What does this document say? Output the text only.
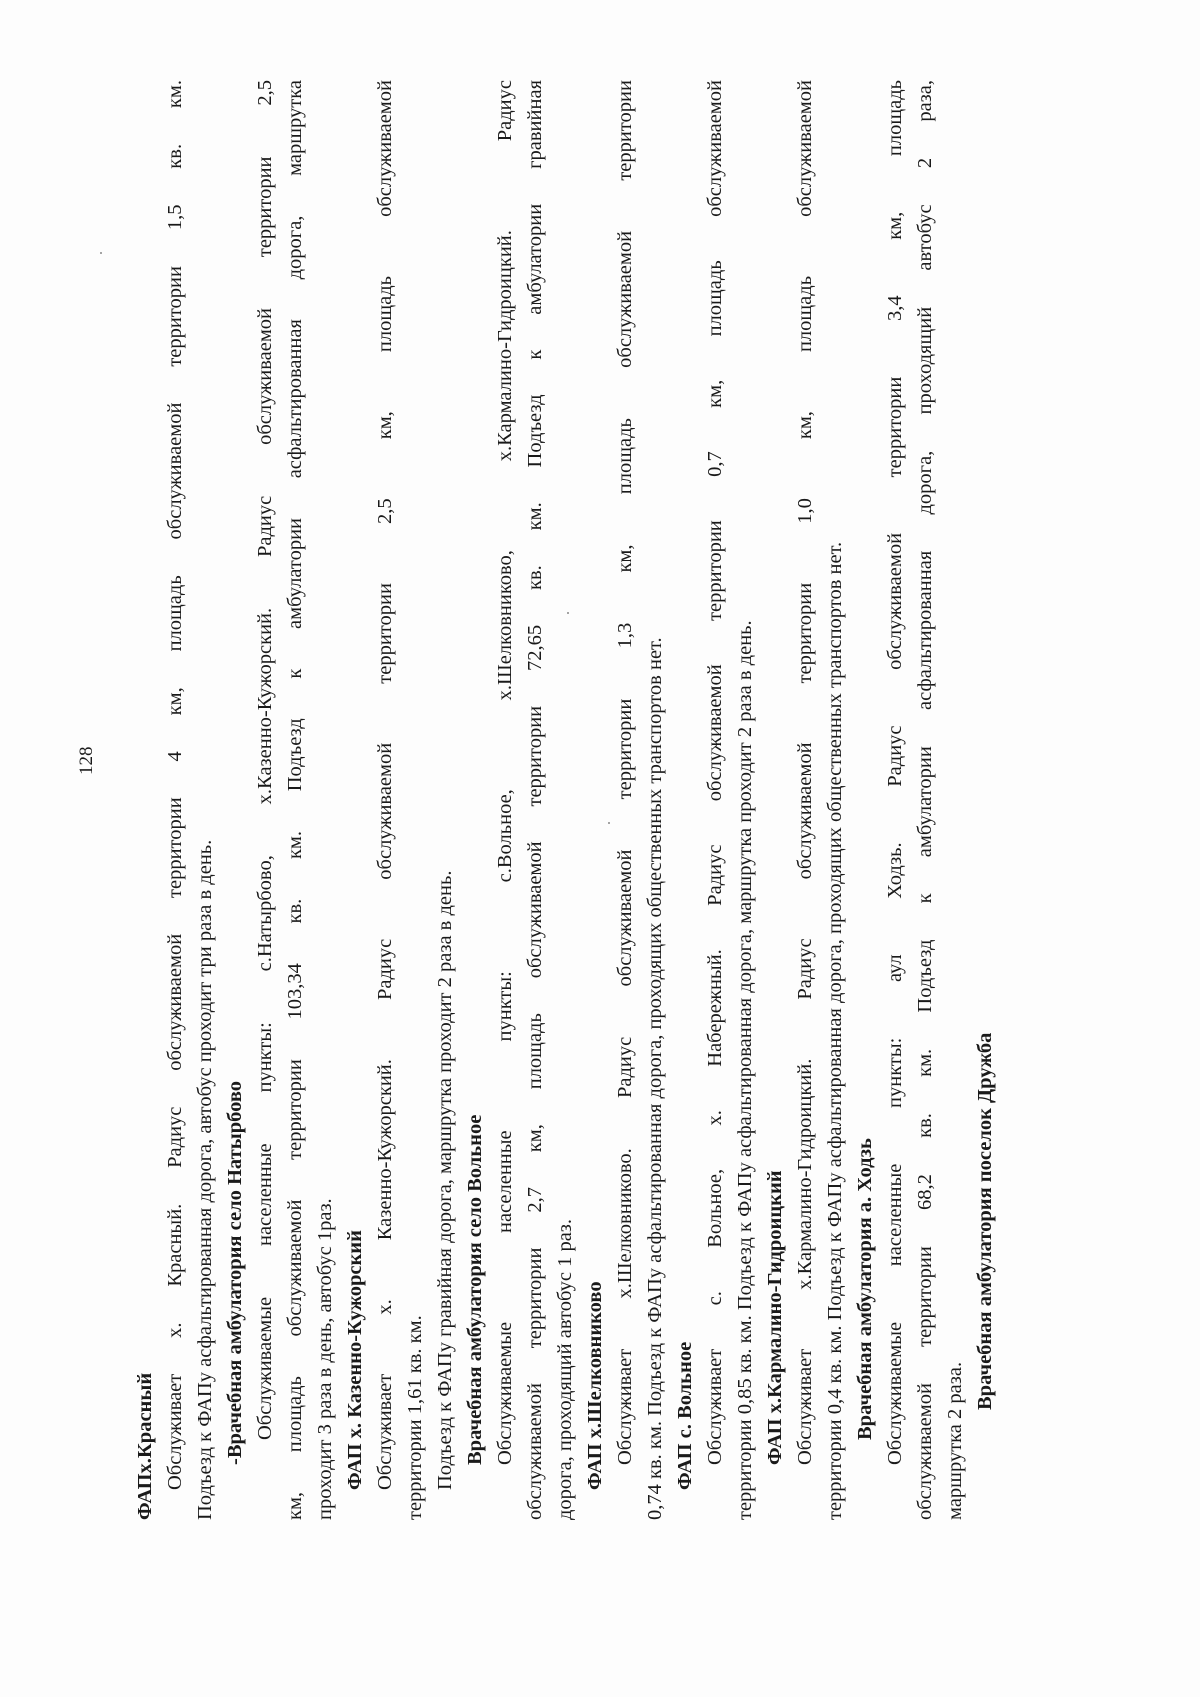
128
ФАПх.Красный Обслуживает х. Красный. Радиус обслуживаемой территории 4 км, площадь обслуживаемой территории 1,5 кв. км. Подъезд к ФАПу асфальтированная дорога, автобус проходит три раза в день. -Врачебная амбулатория село Натырбово Обслуживаемые населенные пункты: с.Натырбово, х.Казенно-Кужорский. Радиус обслуживаемой территории 2,5 км, площадь обслуживаемой территории 103,34 кв. км. Подъезд к амбулатории асфальтированная дорога, маршрутка проходит 3 раза в день, автобус 1раз. ФАП х. Казенно-Кужорский Обслуживает х. Казенно-Кужорский. Радиус обслуживаемой территории 2,5 км, площадь обслуживаемой территории 1,61 кв. км. Подъезд к ФАПу гравийная дорога, маршрутка проходит 2 раза в день. Врачебная амбулатория село Вольное Обслуживаемые населенные пункты: с.Вольное, х.Шелковниково, х.Кармалино-Гидроицкий. Радиус обслуживаемой территории 2,7 км, площадь обслуживаемой территории 72,65 кв. км. Подъезд к амбулатории гравийная дорога, проходящий автобус 1 раз. ФАП х.Шелковниково Обслуживает х.Шелковниково. Радиус обслуживаемой территории 1,3 км, площадь обслуживаемой территории 0,74 кв. км. Подъезд к ФАПу асфальтированная дорога, проходящих общественных транспортов нет. ФАП с. Вольное Обслуживает с. Вольное, х. Набережный. Радиус обслуживаемой территории 0,7 км, площадь обслуживаемой территории 0,85 кв. км. Подъезд к ФАПу асфальтированная дорога, маршрутка проходит 2 раза в день. ФАП х.Кармалино-Гидроицкий Обслуживает х.Кармалино-Гидроицкий. Радиус обслуживаемой территории 1,0 км, площадь обслуживаемой территории 0,4 кв. км. Подъезд к ФАПу асфальтированная дорога, проходящих общественных транспортов нет. Врачебная амбулатория а. Ходзь Обслуживаемые населенные пункты: аул Ходзь. Радиус обслуживаемой территории 3,4 км, площадь обслуживаемой территории 68,2 кв. км. Подъезд к амбулатории асфальтированная дорога, проходящий автобус 2 раза, маршрутка 2 раза.
Врачебная амбулатория поселок Дружба
